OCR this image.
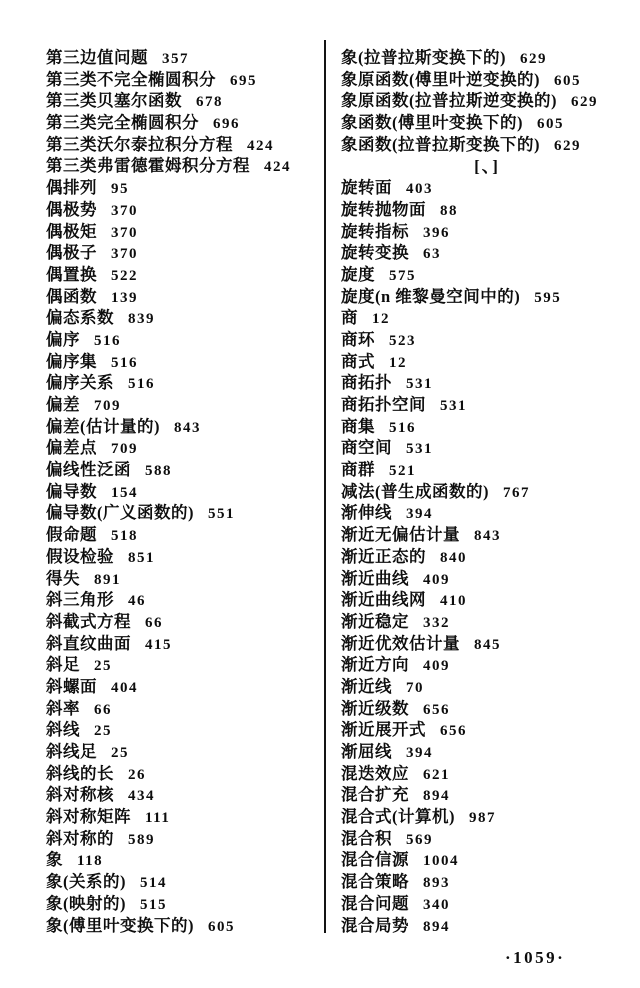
第三边值问题 357
第三类不完全椭圆积分 695
第三类贝塞尔函数 678
第三类完全椭圆积分 696
第三类沃尔泰拉积分方程 424
第三类弗雷德霍姆积分方程 424
偶排列 95
偶极势 370
偶极矩 370
偶极子 370
偶置换 522
偶函数 139
偏态系数 839
偏序 516
偏序集 516
偏序关系 516
偏差 709
偏差(估计量的) 843
偏差点 709
偏线性泛函 588
偏导数 154
偏导数(广义函数的) 551
假命题 518
假设检验 851
得失 891
斜三角形 46
斜截式方程 66
斜直纹曲面 415
斜足 25
斜螺面 404
斜率 66
斜线 25
斜线足 25
斜线的长 26
斜对称核 434
斜对称矩阵 111
斜对称的 589
象 118
象(关系的) 514
象(映射的) 515
象(傅里叶变换下的) 605
象(拉普拉斯变换下的) 629
象原函数(傅里叶逆变换的) 605
象原函数(拉普拉斯逆变换的) 629
象函数(傅里叶变换下的) 605
象函数(拉普拉斯变换下的) 629
[、]
旋转面 403
旋转抛物面 88
旋转指标 396
旋转变换 63
旋度 575
旋度(n 维黎曼空间中的) 595
商 12
商环 523
商式 12
商拓扑 531
商拓扑空间 531
商集 516
商空间 531
商群 521
减法(普生成函数的) 767
渐伸线 394
渐近无偏估计量 843
渐近正态的 840
渐近曲线 409
渐近曲线网 410
渐近稳定 332
渐近优效估计量 845
渐近方向 409
渐近线 70
渐近级数 656
渐近展开式 656
渐屈线 394
混迭效应 621
混合扩充 894
混合式(计算机) 987
混合积 569
混合信源 1004
混合策略 893
混合问题 340
混合局势 894
·1059·
